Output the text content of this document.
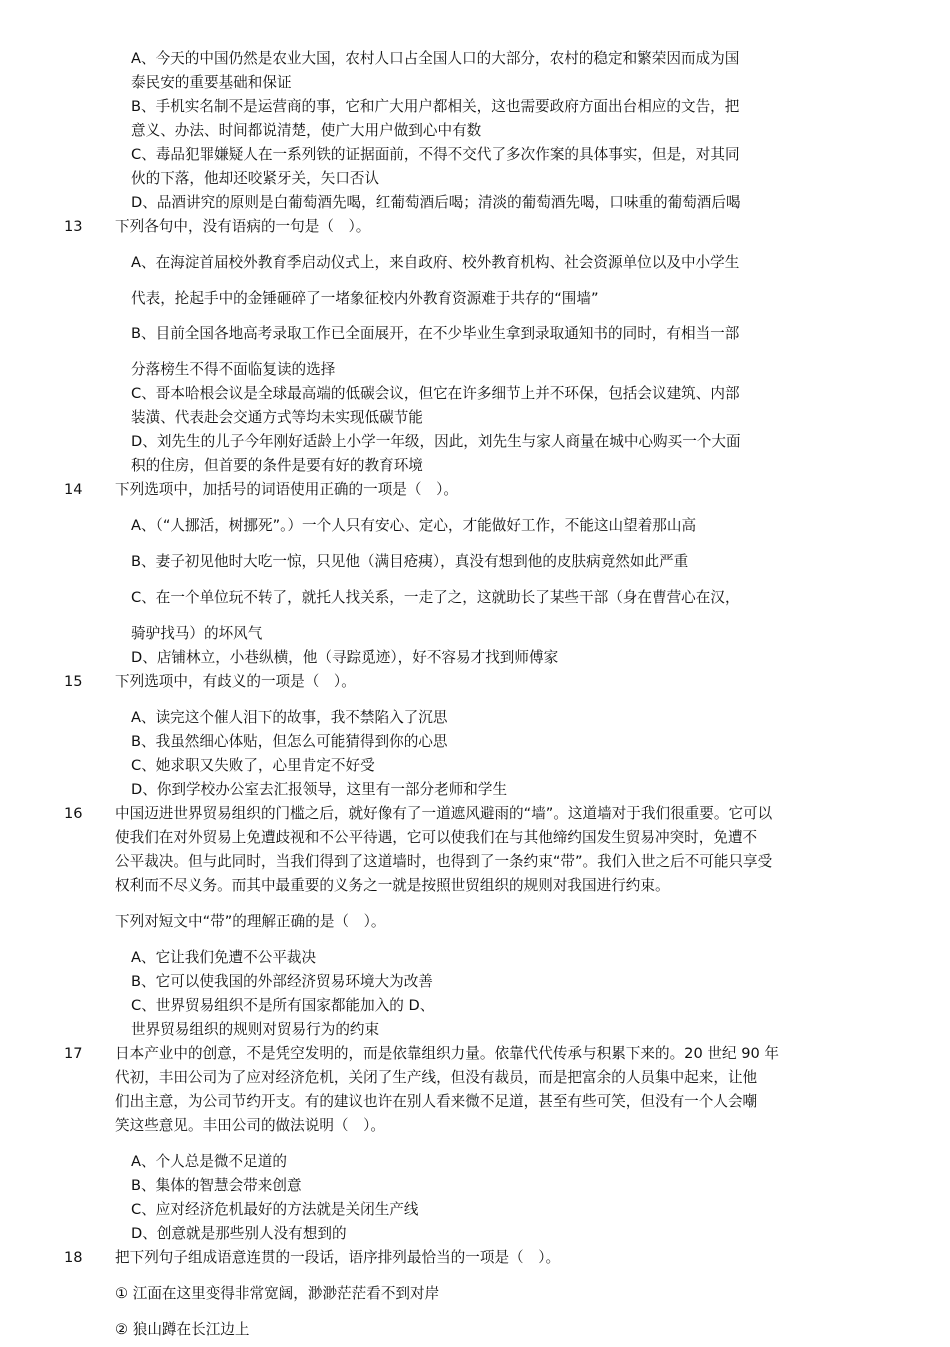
A、今天的中国仍然是农业大国，农村人口占全国人口的大部分，农村的稳定和繁荣因而成为国
泰民安的重要基础和保证
B、手机实名制不是运营商的事，它和广大用户都相关，这也需要政府方面出台相应的文告，把
意义、办法、时间都说清楚，使广大用户做到心中有数
C、毒品犯罪嫌疑人在一系列铁的证据面前，不得不交代了多次作案的具体事实，但是，对其同
伙的下落，他却还咬紧牙关，矢口否认
D、品酒讲究的原则是白葡萄酒先喝，红葡萄酒后喝；清淡的葡萄酒先喝，口味重的葡萄酒后喝
13 下列各句中，没有语病的一句是（　）。
A、在海淀首届校外教育季启动仪式上，来自政府、校外教育机构、社会资源单位以及中小学生
代表，抡起手中的金锤砸碎了一堵象征校内外教育资源难于共存的“围墙”
B、目前全国各地高考录取工作已全面展开，在不少毕业生拿到录取通知书的同时，有相当一部
分落榜生不得不面临复读的选择
C、哥本哈根会议是全球最高端的低碳会议，但它在许多细节上并不环保，包括会议建筑、内部
装潢、代表赴会交通方式等均未实现低碳节能
D、刘先生的儿子今年刚好适龄上小学一年级，因此，刘先生与家人商量在城中心购买一个大面
积的住房，但首要的条件是要有好的教育环境
14 下列选项中，加括号的词语使用正确的一项是（　）。
A、（“人挪活，树挪死”。）一个人只有安心、定心，才能做好工作，不能这山望着那山高
B、妻子初见他时大吃一惊，只见他（满目疮痍），真没有想到他的皮肤病竟然如此严重
C、在一个单位玩不转了，就托人找关系，一走了之，这就助长了某些干部（身在曹营心在汉，
骑驴找马）的坏风气
D、店铺林立，小巷纵横，他（寻踪觅迹），好不容易才找到师傅家
15 下列选项中，有歧义的一项是（　）。
A、读完这个催人泪下的故事，我不禁陷入了沉思
B、我虽然细心体贴，但怎么可能猜得到你的心思
C、她求职又失败了，心里肯定不好受
D、你到学校办公室去汇报领导，这里有一部分老师和学生
16 中国迈进世界贸易组织的门槛之后，就好像有了一道遮风避雨的“墙”。这道墙对于我们很重要。它可以
使我们在对外贸易上免遭歧视和不公平待遇，它可以使我们在与其他缔约国发生贸易冲突时，免遭不
公平裁决。但与此同时，当我们得到了这道墙时，也得到了一条约束“带”。我们入世之后不可能只享受
权利而不尽义务。而其中最重要的义务之一就是按照世贸组织的规则对我国进行约束。
下列对短文中“带”的理解正确的是（　）。
A、它让我们免遭不公平裁决
B、它可以使我国的外部经济贸易环境大为改善
C、世界贸易组织不是所有国家都能加入的 D、
世界贸易组织的规则对贸易行为的约束
17 日本产业中的创意，不是凭空发明的，而是依靠组织力量。依靠代代传承与积累下来的。20 世纪 90 年
代初，丰田公司为了应对经济危机，关闭了生产线，但没有裁员，而是把富余的人员集中起来，让他
们出主意，为公司节约开支。有的建议也许在别人看来微不足道，甚至有些可笑，但没有一个人会嘲
笑这些意见。丰田公司的做法说明（　）。
A、个人总是微不足道的
B、集体的智慧会带来创意
C、应对经济危机最好的方法就是关闭生产线
D、创意就是那些别人没有想到的
18 把下列句子组成语意连贯的一段话，语序排列最恰当的一项是（　）。
① 江面在这里变得非常宽阔，渺渺茫茫看不到对岸
② 狼山蹲在长江边上
